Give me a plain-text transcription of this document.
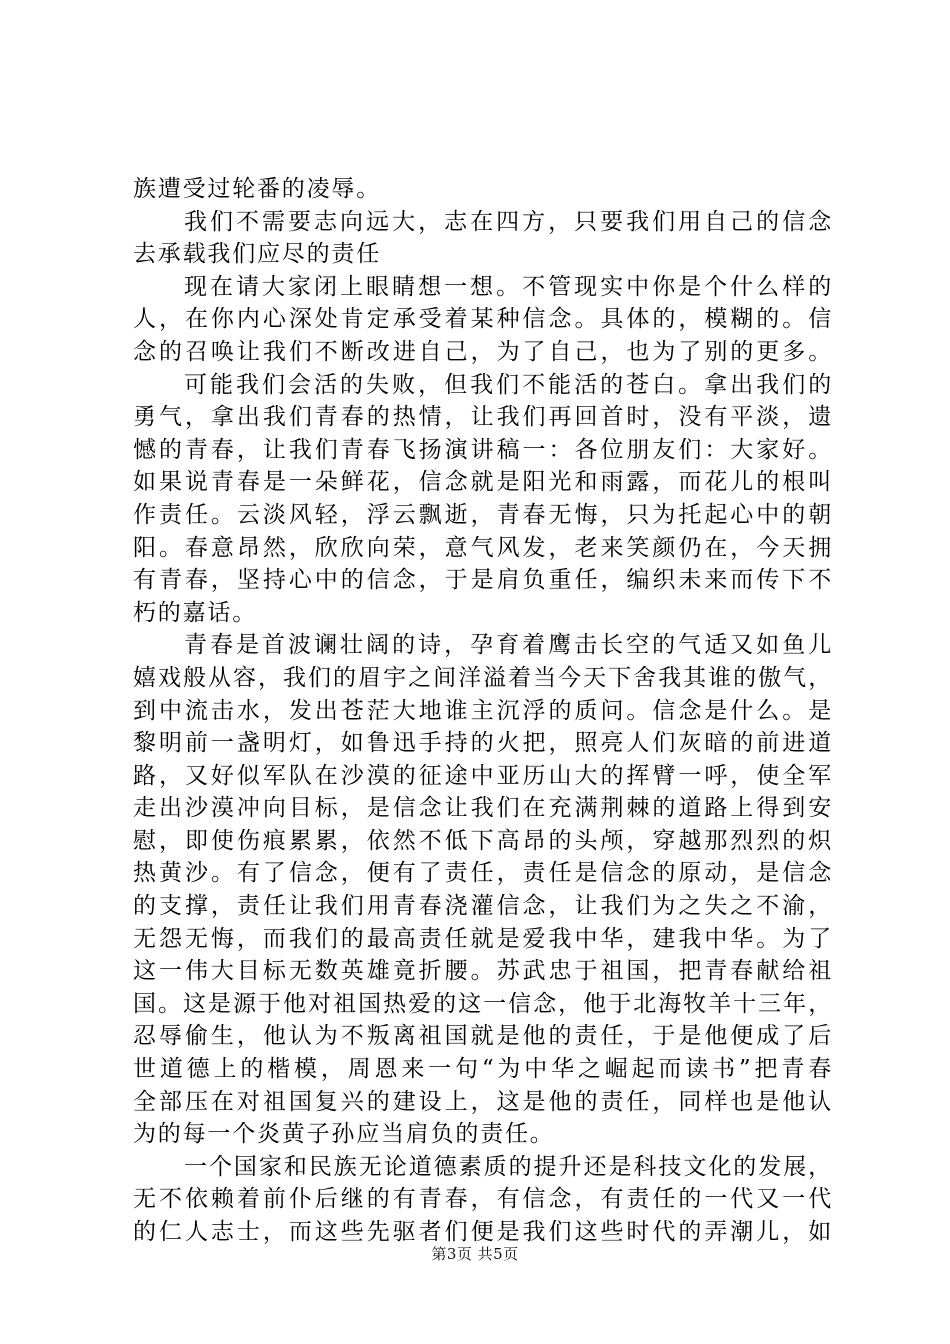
族遭受过轮番的凌辱。
我们不需要志向远大，志在四方，只要我们用自己的信念
去承载我们应尽的责任
现在请大家闭上眼睛想一想。不管现实中你是个什么样的
人，在你内心深处肯定承受着某种信念。具体的，模糊的。信
念的召唤让我们不断改进自己，为了自己，也为了别的更多。
可能我们会活的失败，但我们不能活的苍白。拿出我们的
勇气，拿出我们青春的热情，让我们再回首时，没有平淡，遗
憾的青春，让我们青春飞扬演讲稿一：各位朋友们：大家好。
如果说青春是一朵鲜花，信念就是阳光和雨露，而花儿的根叫
作责任。云淡风轻，浮云飘逝，青春无悔，只为托起心中的朝
阳。春意昂然，欣欣向荣，意气风发，老来笑颜仍在，今天拥
有青春，坚持心中的信念，于是肩负重任，编织未来而传下不
朽的嘉话。
青春是首波谰壮阔的诗，孕育着鹰击长空的气适又如鱼儿
嬉戏般从容，我们的眉宇之间洋溢着当今天下舍我其谁的傲气，
到中流击水，发出苍茫大地谁主沉浮的质问。信念是什么。是
黎明前一盏明灯，如鲁迅手持的火把，照亮人们灰暗的前进道
路，又好似军队在沙漠的征途中亚历山大的挥臂一呼，使全军
走出沙漠冲向目标，是信念让我们在充满荆棘的道路上得到安
慰，即使伤痕累累，依然不低下高昂的头颅，穿越那烈烈的炽
热黄沙。有了信念，便有了责任，责任是信念的原动，是信念
的支撑，责任让我们用青春浇灌信念，让我们为之失之不渝，
无怨无悔，而我们的最高责任就是爱我中华，建我中华。为了
这一伟大目标无数英雄竟折腰。苏武忠于祖国，把青春献给祖
国。这是源于他对祖国热爱的这一信念，他于北海牧羊十三年，
忍辱偷生，他认为不叛离祖国就是他的责任，于是他便成了后
世道德上的楷模，周恩来一句“为中华之崛起而读书”把青春
全部压在对祖国复兴的建设上，这是他的责任，同样也是他认
为的每一个炎黄子孙应当肩负的责任。
一个国家和民族无论道德素质的提升还是科技文化的发展，
无不依赖着前仆后继的有青春，有信念，有责任的一代又一代
的仁人志士，而这些先驱者们便是我们这些时代的弄潮儿，如
第3页 共5页
